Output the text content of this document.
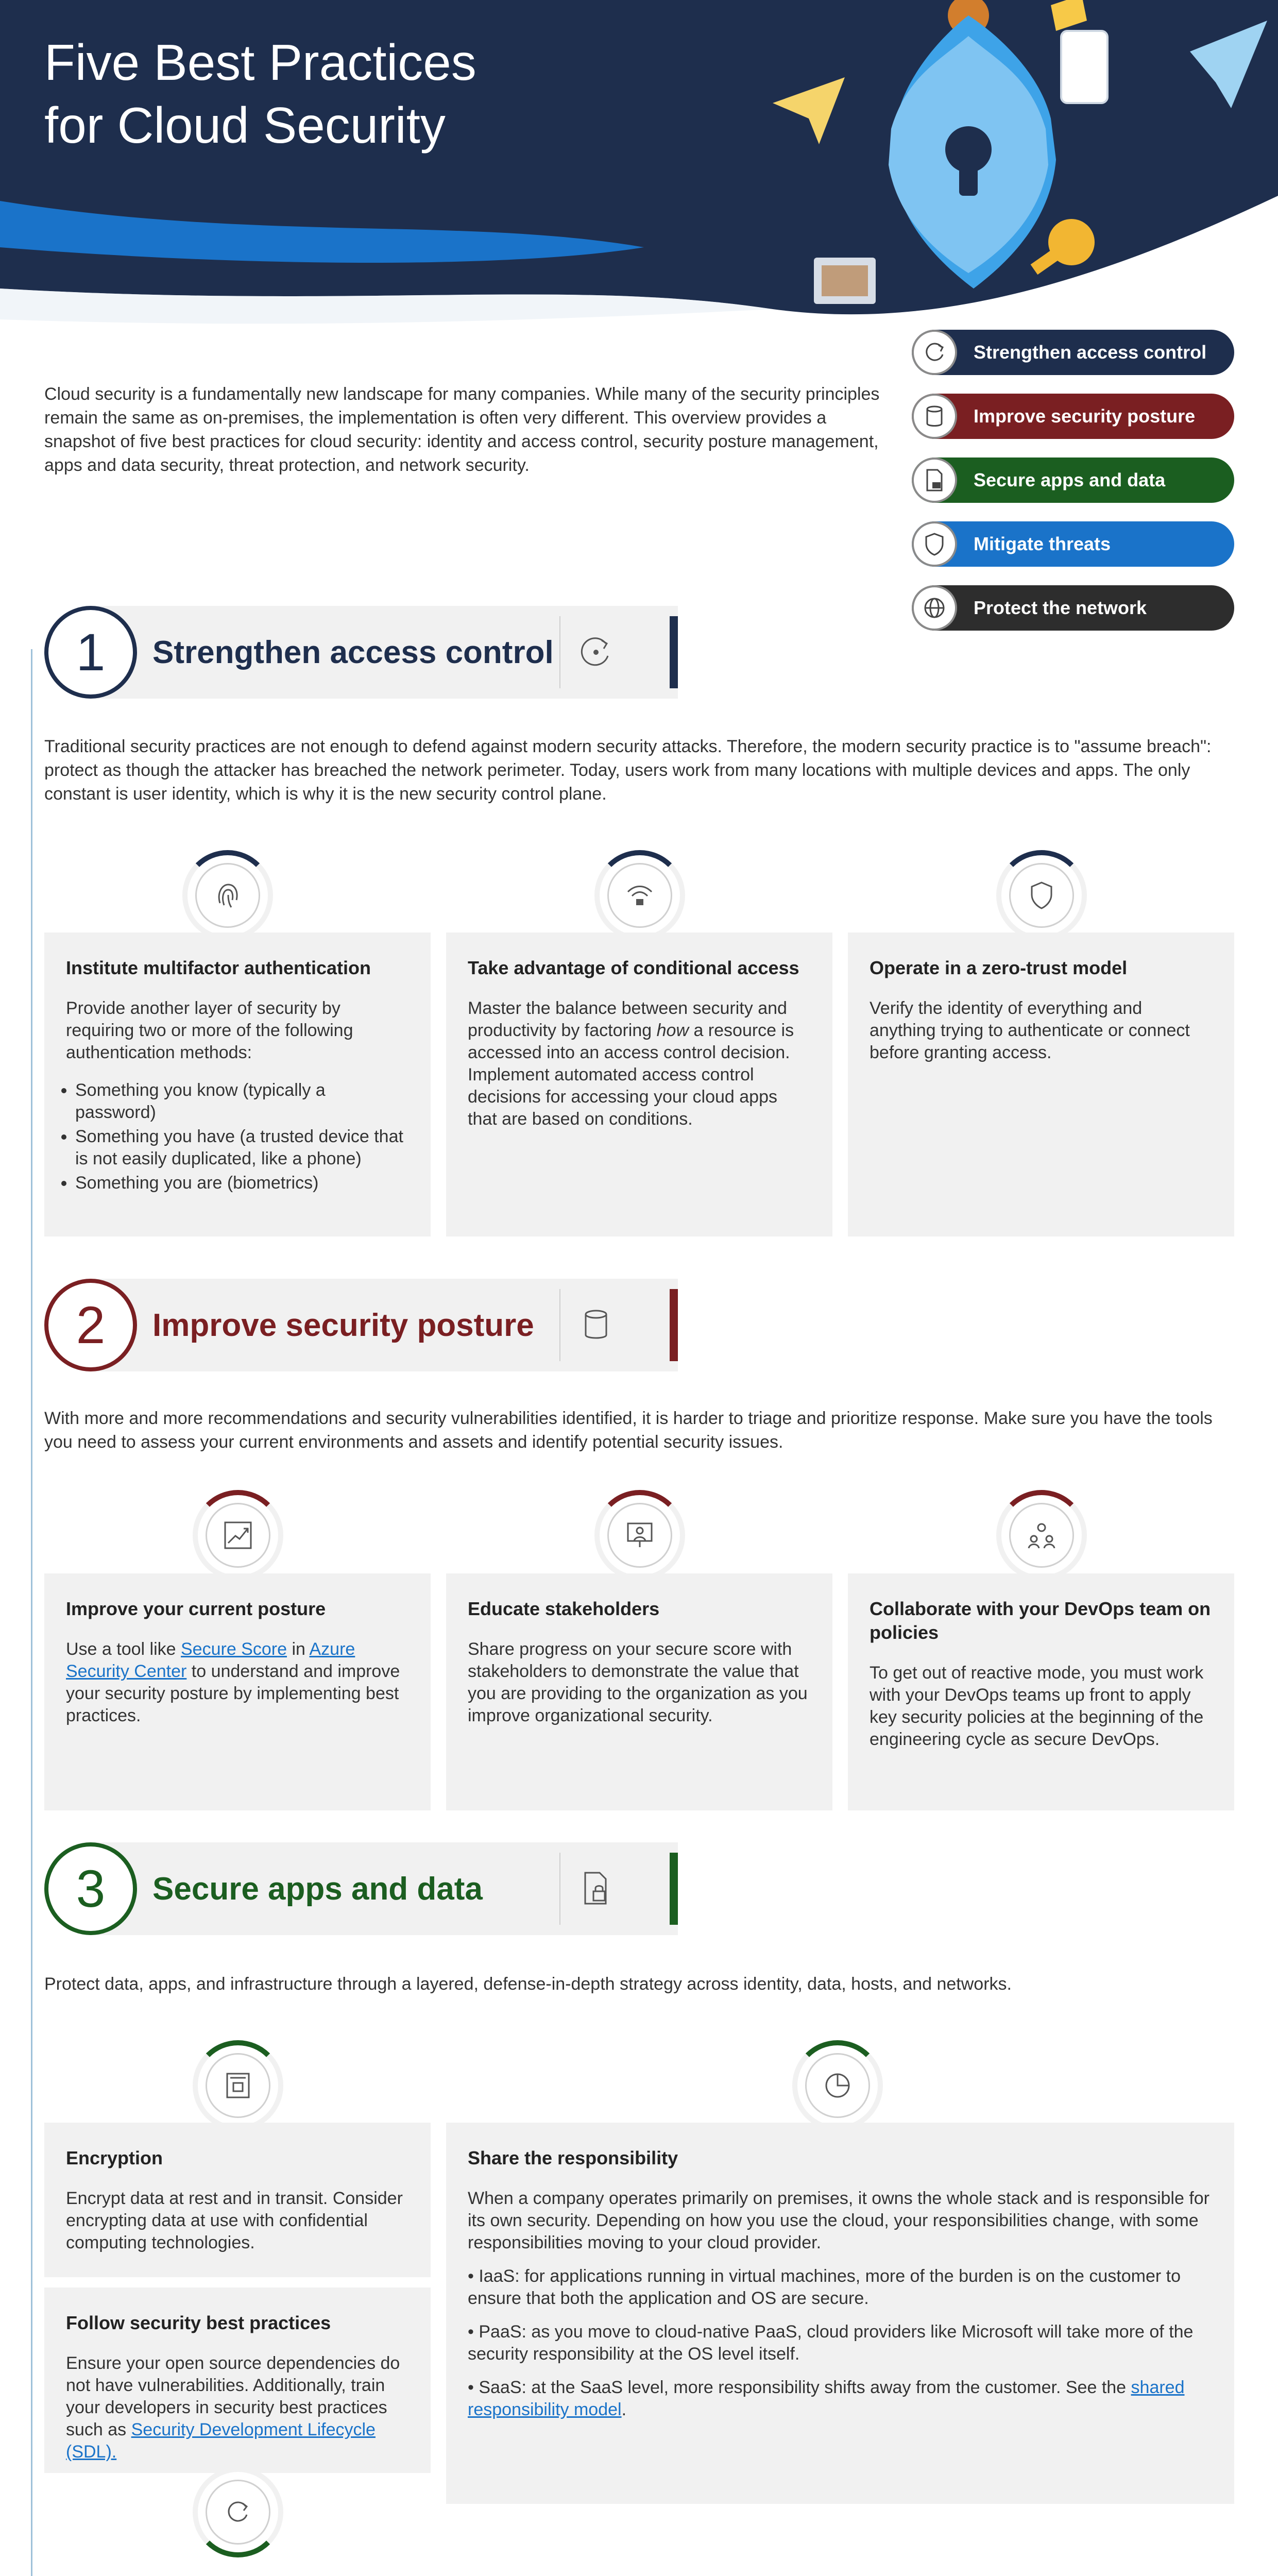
Five Best Practices
for Cloud Security
Cloud security is a fundamentally new landscape for many companies. While many of the security principles remain the same as on-premises, the implementation is often very different. This overview provides a snapshot of five best practices for cloud security: identity and access control, security posture management, apps and data security, threat protection, and network security.
Strengthen access control
Improve security posture
Secure apps and data
Mitigate threats
Protect the network
1	Strengthen access control
Traditional security practices are not enough to defend against modern security attacks. Therefore, the modern security practice is to "assume breach": protect as though the attacker has breached the network perimeter. Today, users work from many locations with multiple devices and apps. The only constant is user identity, which is why it is the new security control plane.
Institute multifactor authentication
Provide another layer of security by requiring two or more of the following authentication methods:
• Something you know (typically a password)
• Something you have (a trusted device that is not easily duplicated, like a phone)
• Something you are (biometrics)
Take advantage of conditional access
Master the balance between security and productivity by factoring how a resource is accessed into an access control decision. Implement automated access control decisions for accessing your cloud apps that are based on conditions.
Operate in a zero-trust model
Verify the identity of everything and anything trying to authenticate or connect before granting access.
2	Improve security posture
With more and more recommendations and security vulnerabilities identified, it is harder to triage and prioritize response. Make sure you have the tools you need to assess your current environments and assets and identify potential security issues.
Improve your current posture
Use a tool like Secure Score in Azure Security Center to understand and improve your security posture by implementing best practices.
Educate stakeholders
Share progress on your secure score with stakeholders to demonstrate the value that you are providing to the organization as you improve organizational security.
Collaborate with your DevOps team on policies
To get out of reactive mode, you must work with your DevOps teams up front to apply key security policies at the beginning of the engineering cycle as secure DevOps.
3	Secure apps and data
Protect data, apps, and infrastructure through a layered, defense-in-depth strategy across identity, data, hosts, and networks.
Encryption
Encrypt data at rest and in transit. Consider encrypting data at use with confidential computing technologies.
Follow security best practices
Ensure your open source dependencies do not have vulnerabilities. Additionally, train your developers in security best practices such as Security Development Lifecycle (SDL).
Share the responsibility

When a company operates primarily on premises, it owns the whole stack and is responsible for its own security. Depending on how you use the cloud, your responsibilities change, with some responsibilities moving to your cloud provider.

• IaaS: for applications running in virtual machines, more of the burden is on the customer to ensure that both the application and OS are secure.

• PaaS: as you move to cloud-native PaaS, cloud providers like Microsoft will take more of the security responsibility at the OS level itself.

• SaaS: at the SaaS level, more responsibility shifts away from the customer. See the shared responsibility model.
